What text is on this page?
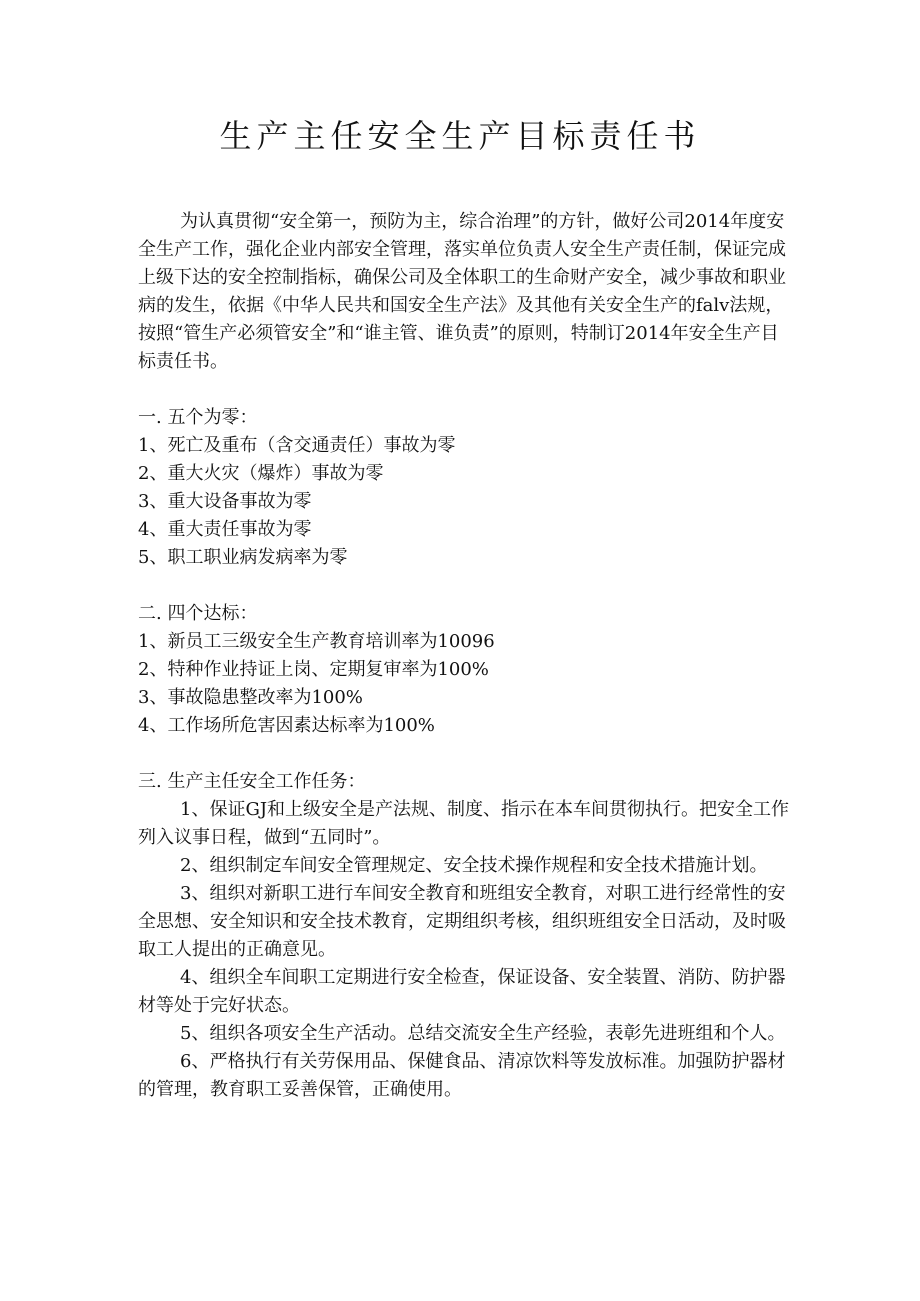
生产主任安全生产目标责任书

为认真贯彻“安全第一，预防为主，综合治理”的方针，做好公司2014年度安全生产工作，强化企业内部安全管理，落实单位负责人安全生产责任制，保证完成上级下达的安全控制指标，确保公司及全体职工的生命财产安全，减少事故和职业病的发生，依据《中华人民共和国安全生产法》及其他有关安全生产的falv法规，按照“管生产必须管安全”和“谁主管、谁负责”的原则，特制订2014年安全生产目标责任书。

一. 五个为零：

1、死亡及重布（含交通责任）事故为零

2、重大火灾（爆炸）事故为零

3、重大设备事故为零

4、重大责任事故为零

5、职工职业病发病率为零

二. 四个达标：

1、新员工三级安全生产教育培训率为10096

2、特种作业持证上岗、定期复审率为100%

3、事故隐患整改率为100%

4、工作场所危害因素达标率为100%

三. 生产主任安全工作任务：

1、保证GJ和上级安全是产法规、制度、指示在本车间贯彻执行。把安全工作列入议事日程，做到“五同时”。

2、组织制定车间安全管理规定、安全技术操作规程和安全技术措施计划。

3、组织对新职工进行车间安全教育和班组安全教育，对职工进行经常性的安全思想、安全知识和安全技术教育，定期组织考核，组织班组安全日活动，及时吸取工人提出的正确意见。

4、组织全车间职工定期进行安全检查，保证设备、安全装置、消防、防护器材等处于完好状态。

5、组织各项安全生产活动。总结交流安全生产经验，表彰先进班组和个人。

6、严格执行有关劳保用品、保健食品、清凉饮料等发放标准。加强防护器材的管理，教育职工妥善保管，正确使用。
